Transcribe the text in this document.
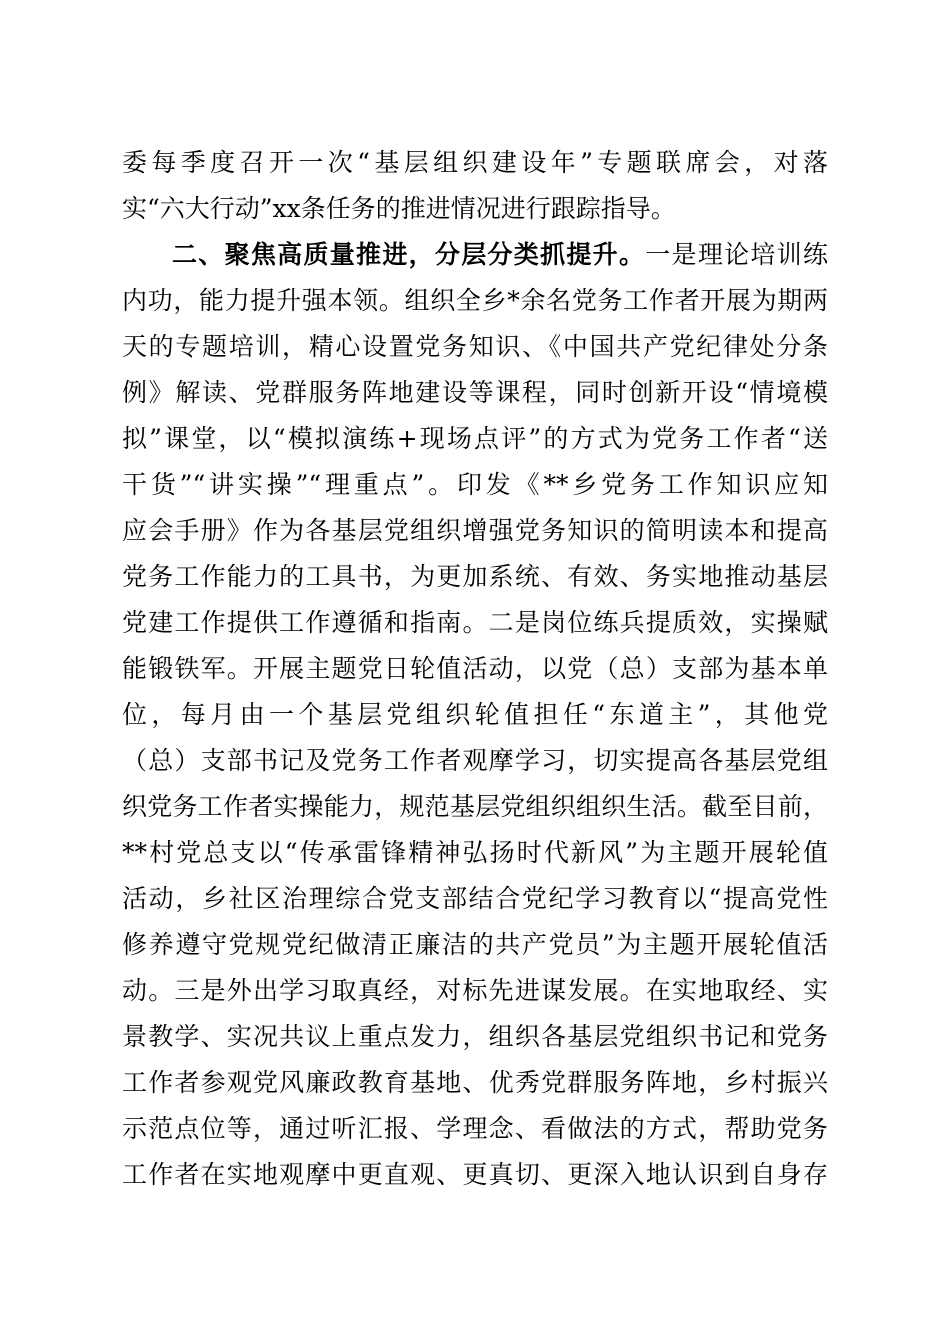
委每季度召开一次“基层组织建设年”专题联席会，对落
实“六大行动”xx条任务的推进情况进行跟踪指导。
二、聚焦高质量推进，分层分类抓提升。一是理论培训练
内功，能力提升强本领。组织全乡*余名党务工作者开展为期两
天的专题培训，精心设置党务知识、《中国共产党纪律处分条
例》解读、党群服务阵地建设等课程，同时创新开设“情境模
拟”课堂，以“模拟演练+现场点评”的方式为党务工作者“送
干货”“讲实操”“理重点”。印发《**乡党务工作知识应知
应会手册》作为各基层党组织增强党务知识的简明读本和提高
党务工作能力的工具书，为更加系统、有效、务实地推动基层
党建工作提供工作遵循和指南。二是岗位练兵提质效，实操赋
能锻铁军。开展主题党日轮值活动，以党（总）支部为基本单
位，每月由一个基层党组织轮值担任“东道主”，其他党
（总）支部书记及党务工作者观摩学习，切实提高各基层党组
织党务工作者实操能力，规范基层党组织组织生活。截至目前，
**村党总支以“传承雷锋精神弘扬时代新风”为主题开展轮值
活动，乡社区治理综合党支部结合党纪学习教育以“提高党性
修养遵守党规党纪做清正廉洁的共产党员”为主题开展轮值活
动。三是外出学习取真经，对标先进谋发展。在实地取经、实
景教学、实况共议上重点发力，组织各基层党组织书记和党务
工作者参观党风廉政教育基地、优秀党群服务阵地，乡村振兴
示范点位等，通过听汇报、学理念、看做法的方式，帮助党务
工作者在实地观摩中更直观、更真切、更深入地认识到自身存
